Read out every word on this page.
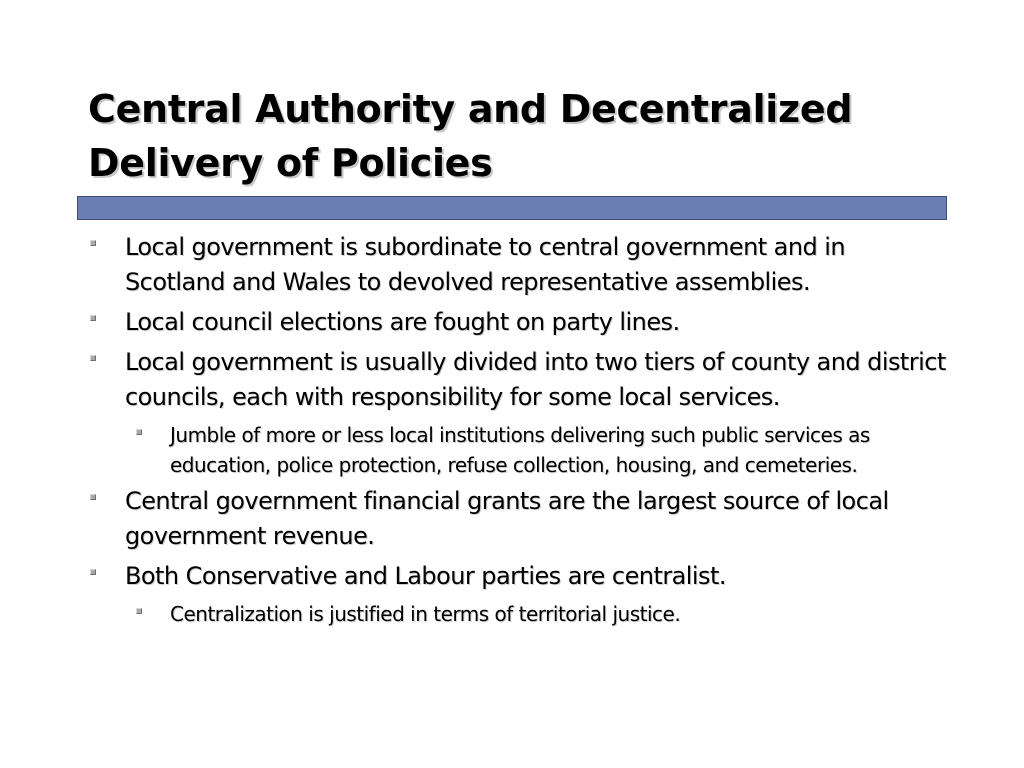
Central Authority and Decentralized
Delivery of Policies
Local government is subordinate to central government and in Scotland and Wales to devolved representative assemblies.
Local council elections are fought on party lines.
Local government is usually divided into two tiers of county and district councils, each with responsibility for some local services.
Jumble of more or less local institutions delivering such public services as education, police protection, refuse collection, housing, and cemeteries.
Central government financial grants are the largest source of local government revenue.
Both Conservative and Labour parties are centralist.
Centralization is justified in terms of territorial justice.
